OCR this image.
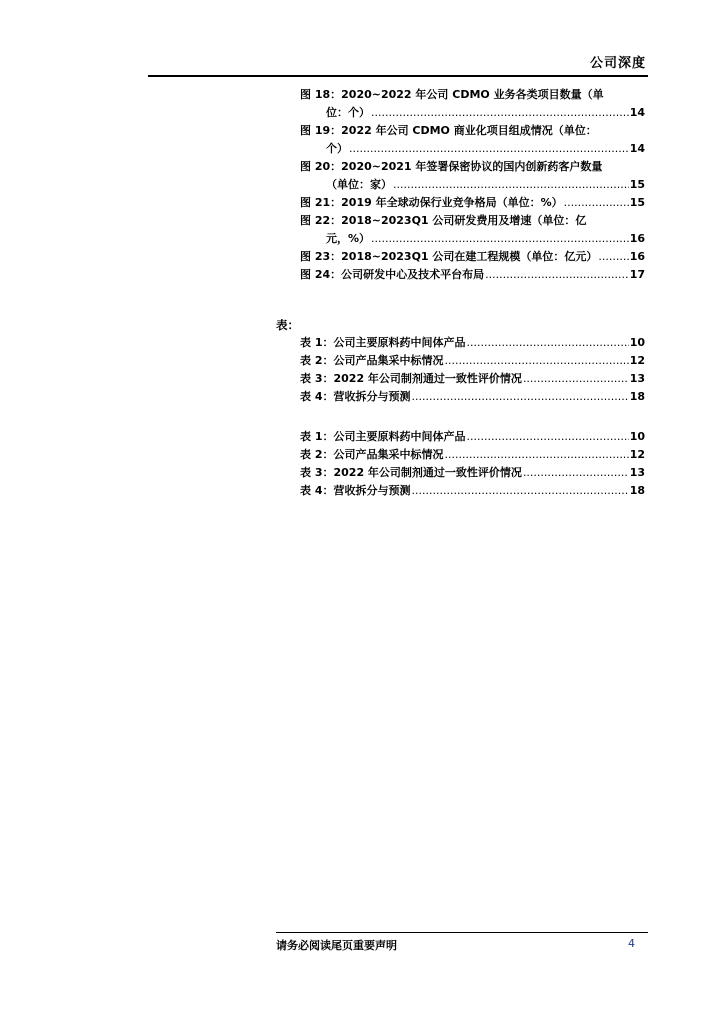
公司深度
图 18：2020~2022 年公司 CDMO 业务各类项目数量（单
位：个） .....	14
图 19：2022 年公司 CDMO 商业化项目组成情况（单位：
个） .....	14
图 20：2020~2021 年签署保密协议的国内创新药客户数量
（单位：家） .....	15
图 21：2019 年全球动保行业竞争格局（单位：%） .....	15
图 22：2018~2023Q1 公司研发费用及增速（单位：亿
元，%） .....	16
图 23：2018~2023Q1 公司在建工程规模（单位：亿元） .....	16
图 24：公司研发中心及技术平台布局 .....	17
表：
表 1：公司主要原料药中间体产品 .....	10
表 2：公司产品集采中标情况 .....	12
表 3：2022 年公司制剂通过一致性评价情况 .....	13
表 4：营收拆分与预测 .....	18
表 1：公司主要原料药中间体产品 .....	10
表 2：公司产品集采中标情况 .....	12
表 3：2022 年公司制剂通过一致性评价情况 .....	13
表 4：营收拆分与预测 .....	18
请务必阅读尾页重要声明	4
